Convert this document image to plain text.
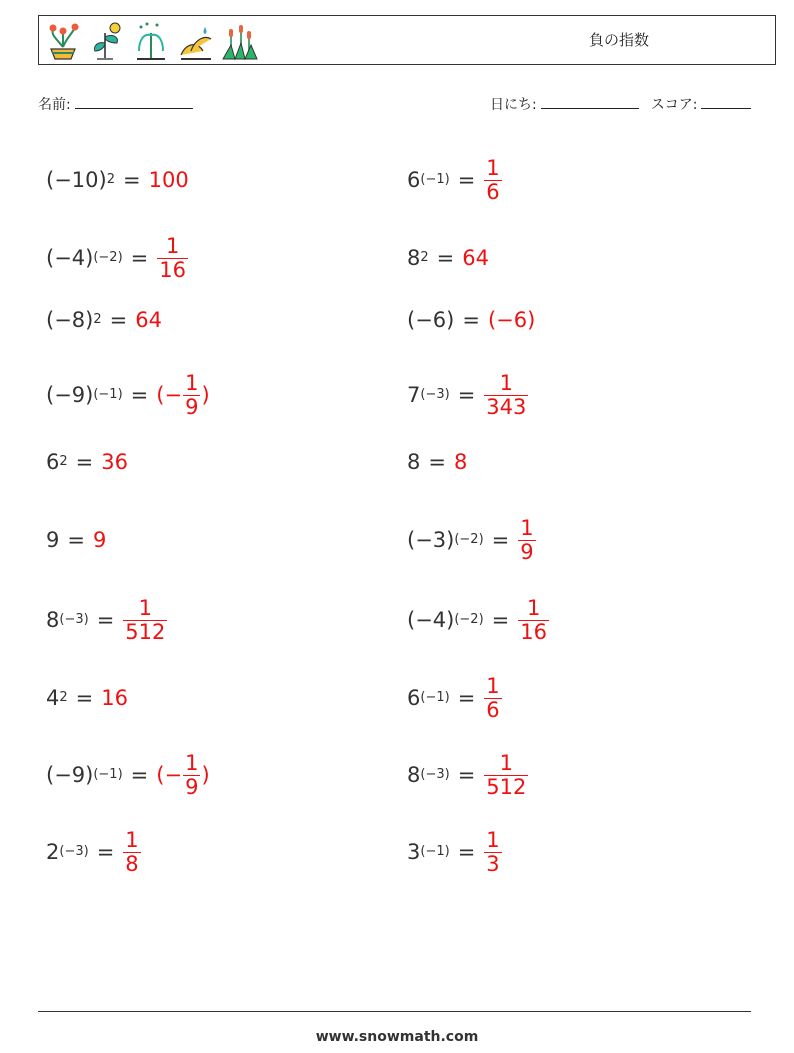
負の指数
名前:	日にち:	スコア:
(−10) 2 = 100	6 $(-1) = \frac{1}{6}$
(−4) $(-2) = \frac{1}{16}$	8 2 = 64
(−8) 2 = 64	(−6) = (−6)
(−9) (−1) = (− $\frac{1}{9}$ )	7 $(-3) = \frac{1}{343}$
6 2 = 36	8 = 8
9 = 9	(−3) $(-2) = \frac{1}{9}$
8 $(-3) = \frac{1}{512}$	(−4) $(-2) = \frac{1}{16}$
4 2 = 16	6 $(-1) = \frac{1}{6}$
(−9) (−1) = (− $\frac{1}{9}$ )	8 $(-3) = \frac{1}{512}$
2 $(-3) = \frac{1}{8}$	3 $(-1) = \frac{1}{3}$
www.snowmath.com
